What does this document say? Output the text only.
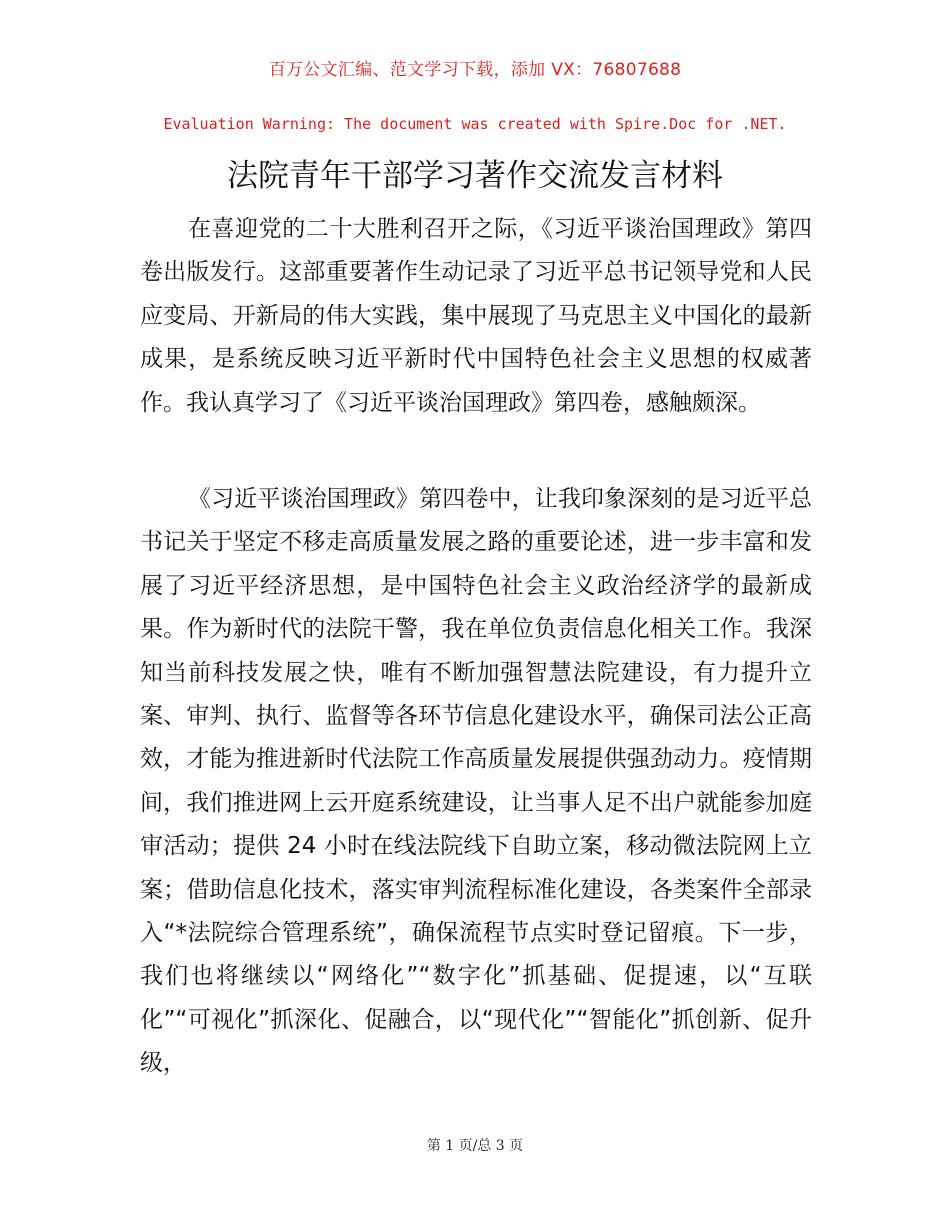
百万公文汇编、范文学习下载，添加 VX：76807688
Evaluation Warning: The document was created with Spire.Doc for .NET.
法院青年干部学习著作交流发言材料

在喜迎党的二十大胜利召开之际，《习近平谈治国理政》第四卷出版发行。这部重要著作生动记录了习近平总书记领导党和人民应变局、开新局的伟大实践，集中展现了马克思主义中国化的最新成果，是系统反映习近平新时代中国特色社会主义思想的权威著作。我认真学习了《习近平谈治国理政》第四卷，感触颇深。

《习近平谈治国理政》第四卷中，让我印象深刻的是习近平总书记关于坚定不移走高质量发展之路的重要论述，进一步丰富和发展了习近平经济思想，是中国特色社会主义政治经济学的最新成果。作为新时代的法院干警，我在单位负责信息化相关工作。我深知当前科技发展之快，唯有不断加强智慧法院建设，有力提升立案、审判、执行、监督等各环节信息化建设水平，确保司法公正高效，才能为推进新时代法院工作高质量发展提供强劲动力。疫情期间，我们推进网上云开庭系统建设，让当事人足不出户就能参加庭审活动；提供 24 小时在线法院线下自助立案，移动微法院网上立案；借助信息化技术，落实审判流程标准化建设，各类案件全部录入“*法院综合管理系统”，确保流程节点实时登记留痕。下一步，我们也将继续以“网络化”“数字化”抓基础、促提速，以“互联化”“可视化”抓深化、促融合，以“现代化”“智能化”抓创新、促升级，

第 1 页/总 3 页
